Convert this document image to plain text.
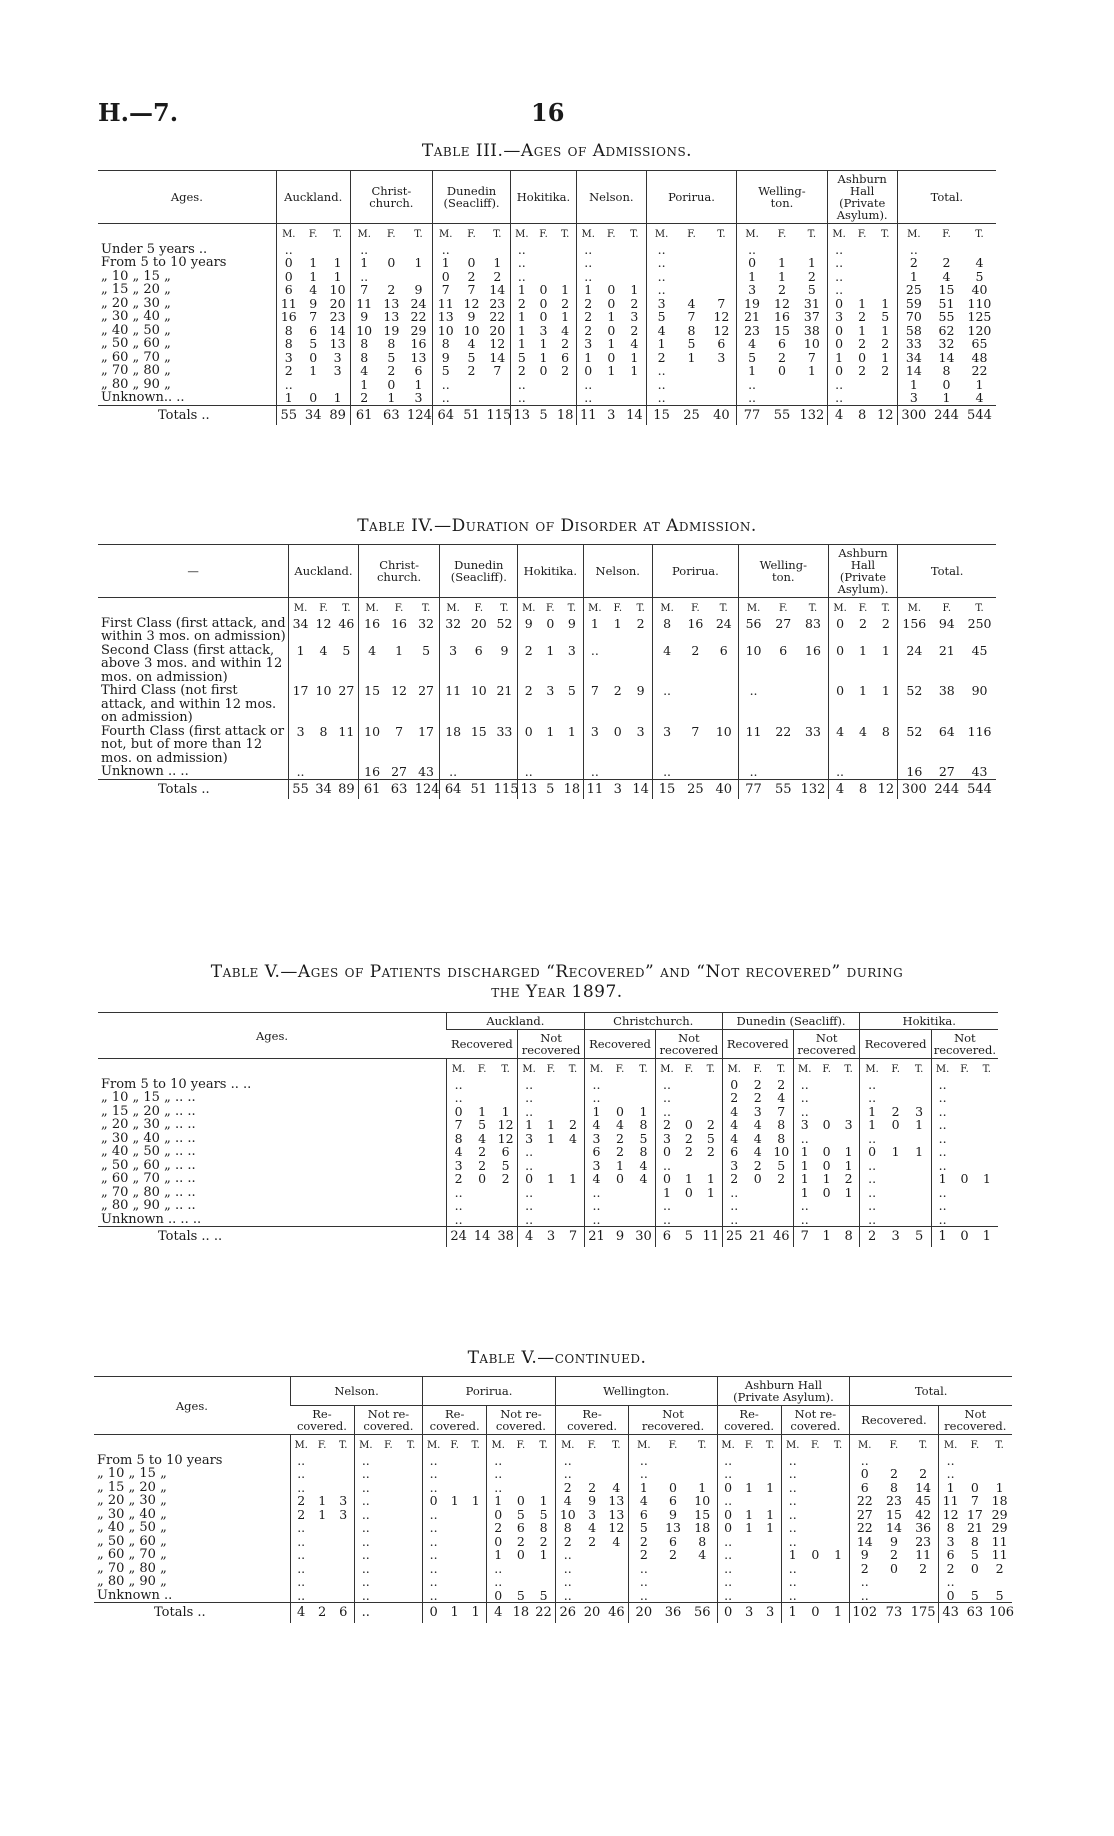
H.—7.	16
Table III.—Ages of Admissions.
Ages.	Auckland.			Christ-
church.			Dunedin
(Seacliff).			Hokitika.			Nelson.			Porirua.			Welling-
ton.			Ashburn
Hall
(Private
Asylum).			Total.		
	M.	F.	T.	M.	F.	T.	M.	F.	T.	M.	F.	T.	M.	F.	T.	M.	F.	T.	M.	F.	T.	M.	F.	T.	M.	F.	T.
Under 5 years ..	..			..			..			..			..			..			..			..			..		
From 5 to 10 years	0	1	1	1	0	1	1	0	1	..			..			..			0	1	1	..			2	2	4
„ 10 „ 15 „	0	1	1	..			0	2	2	..			..			..			1	1	2	..			1	4	5
„ 15 „ 20 „	6	4	10	7	2	9	7	7	14	1	0	1	1	0	1	..			3	2	5	..			25	15	40
„ 20 „ 30 „	11	9	20	11	13	24	11	12	23	2	0	2	2	0	2	3	4	7	19	12	31	0	1	1	59	51	110
„ 30 „ 40 „	16	7	23	9	13	22	13	9	22	1	0	1	2	1	3	5	7	12	21	16	37	3	2	5	70	55	125
„ 40 „ 50 „	8	6	14	10	19	29	10	10	20	1	3	4	2	0	2	4	8	12	23	15	38	0	1	1	58	62	120
„ 50 „ 60 „	8	5	13	8	8	16	8	4	12	1	1	2	3	1	4	1	5	6	4	6	10	0	2	2	33	32	65
„ 60 „ 70 „	3	0	3	8	5	13	9	5	14	5	1	6	1	0	1	2	1	3	5	2	7	1	0	1	34	14	48
„ 70 „ 80 „	2	1	3	4	2	6	5	2	7	2	0	2	0	1	1	..			1	0	1	0	2	2	14	8	22
„ 80 „ 90 „	..			1	0	1	..			..			..			..			..			..			1	0	1
Unknown.. ..	1	0	1	2	1	3	..			..			..			..			..			..			3	1	4
Totals ..	55	34	89	61	63	124	64	51	115	13	5	18	11	3	14	15	25	40	77	55	132	4	8	12	300	244	544
Table IV.—Duration of Disorder at Admission.
—	Auckland.			Christ-
church.			Dunedin
(Seacliff).			Hokitika.			Nelson.			Porirua.			Welling-
ton.			Ashburn
Hall
(Private
Asylum).			Total.		
	M.	F.	T.	M.	F.	T.	M.	F.	T.	M.	F.	T.	M.	F.	T.	M.	F.	T.	M.	F.	T.	M.	F.	T.	M.	F.	T.
First Class (first attack, and within 3 mos. on admission)	34	12	46	16	16	32	32	20	52	9	0	9	1	1	2	8	16	24	56	27	83	0	2	2	156	94	250
Second Class (first attack, above 3 mos. and within 12 mos. on admission)	1	4	5	4	1	5	3	6	9	2	1	3	..			4	2	6	10	6	16	0	1	1	24	21	45
Third Class (not first attack, and within 12 mos. on admission)	17	10	27	15	12	27	11	10	21	2	3	5	7	2	9	..			..			0	1	1	52	38	90
Fourth Class (first attack or not, but of more than 12 mos. on admission)	3	8	11	10	7	17	18	15	33	0	1	1	3	0	3	3	7	10	11	22	33	4	4	8	52	64	116
Unknown .. ..	..			16	27	43	..			..			..			..			..			..			16	27	43
Totals ..	55	34	89	61	63	124	64	51	115	13	5	18	11	3	14	15	25	40	77	55	132	4	8	12	300	244	544
Table V.—Ages of Patients discharged “Recovered” and “Not recovered” during
the Year 1897.
Ages.	Auckland.						Christchurch.						Dunedin (Seacliff).						Hokitika.					
	Recovered			Not
recovered			Recovered			Not
recovered			Recovered			Not
recovered			Recovered			Not
recovered.		
	M.	F.	T.	M.	F.	T.	M.	F.	T.	M.	F.	T.	M.	F.	T.	M.	F.	T.	M.	F.	T.	M.	F.	T.
From 5 to 10 years .. ..	..			..			..			..			0	2	2	..			..			..		
„ 10 „ 15 „ .. ..	..			..			..			..			2	2	4	..			..			..		
„ 15 „ 20 „ .. ..	0	1	1	..			1	0	1	..			4	3	7	..			1	2	3	..		
„ 20 „ 30 „ .. ..	7	5	12	1	1	2	4	4	8	2	0	2	4	4	8	3	0	3	1	0	1	..		
„ 30 „ 40 „ .. ..	8	4	12	3	1	4	3	2	5	3	2	5	4	4	8	..			..			..		
„ 40 „ 50 „ .. ..	4	2	6	..			6	2	8	0	2	2	6	4	10	1	0	1	0	1	1	..		
„ 50 „ 60 „ .. ..	3	2	5	..			3	1	4	..			3	2	5	1	0	1	..			..		
„ 60 „ 70 „ .. ..	2	0	2	0	1	1	4	0	4	0	1	1	2	0	2	1	1	2	..			1	0	1
„ 70 „ 80 „ .. ..	..			..			..			1	0	1	..			1	0	1	..			..		
„ 80 „ 90 „ .. ..	..			..			..			..			..			..			..			..		
Unknown .. .. ..	..			..			..			..			..			..			..			..		
Totals .. ..	24	14	38	4	3	7	21	9	30	6	5	11	25	21	46	7	1	8	2	3	5	1	0	1
Table V.—continued.
Ages.	Nelson.						Porirua.						Wellington.						Ashburn Hall
(Private Asylum).						Total.					
	Re-
covered.			Not re-
covered.			Re-
covered.			Not re-
covered.			Re-
covered.			Not
recovered.			Re-
covered.			Not re-
covered.			Recovered.			Not
recovered.		
	M.	F.	T.	M.	F.	T.	M.	F.	T.	M.	F.	T.	M.	F.	T.	M.	F.	T.	M.	F.	T.	M.	F.	T.	M.	F.	T.	M.	F.	T.
From 5 to 10 years	..			..			..			..			..			..			..			..			..			..		
„ 10 „ 15 „	..			..			..			..			..			..			..			..			0	2	2	..		
„ 15 „ 20 „	..			..			..			..			2	2	4	1	0	1	0	1	1	..			6	8	14	1	0	1
„ 20 „ 30 „	2	1	3	..			0	1	1	1	0	1	4	9	13	4	6	10	..			..			22	23	45	11	7	18
„ 30 „ 40 „	2	1	3	..			..			0	5	5	10	3	13	6	9	15	0	1	1	..			27	15	42	12	17	29
„ 40 „ 50 „	..			..			..			2	6	8	8	4	12	5	13	18	0	1	1	..			22	14	36	8	21	29
„ 50 „ 60 „	..			..			..			0	2	2	2	2	4	2	6	8	..			..			14	9	23	3	8	11
„ 60 „ 70 „	..			..			..			1	0	1	..			2	2	4	..			1	0	1	9	2	11	6	5	11
„ 70 „ 80 „	..			..			..			..			..			..			..			..			2	0	2	2	0	2
„ 80 „ 90 „	..			..			..			..			..			..			..			..			..			..		
Unknown ..	..			..			..			0	5	5	..			..			..			..			..			0	5	5
Totals ..	4	2	6	..			0	1	1	4	18	22	26	20	46	20	36	56	0	3	3	1	0	1	102	73	175	43	63	106
